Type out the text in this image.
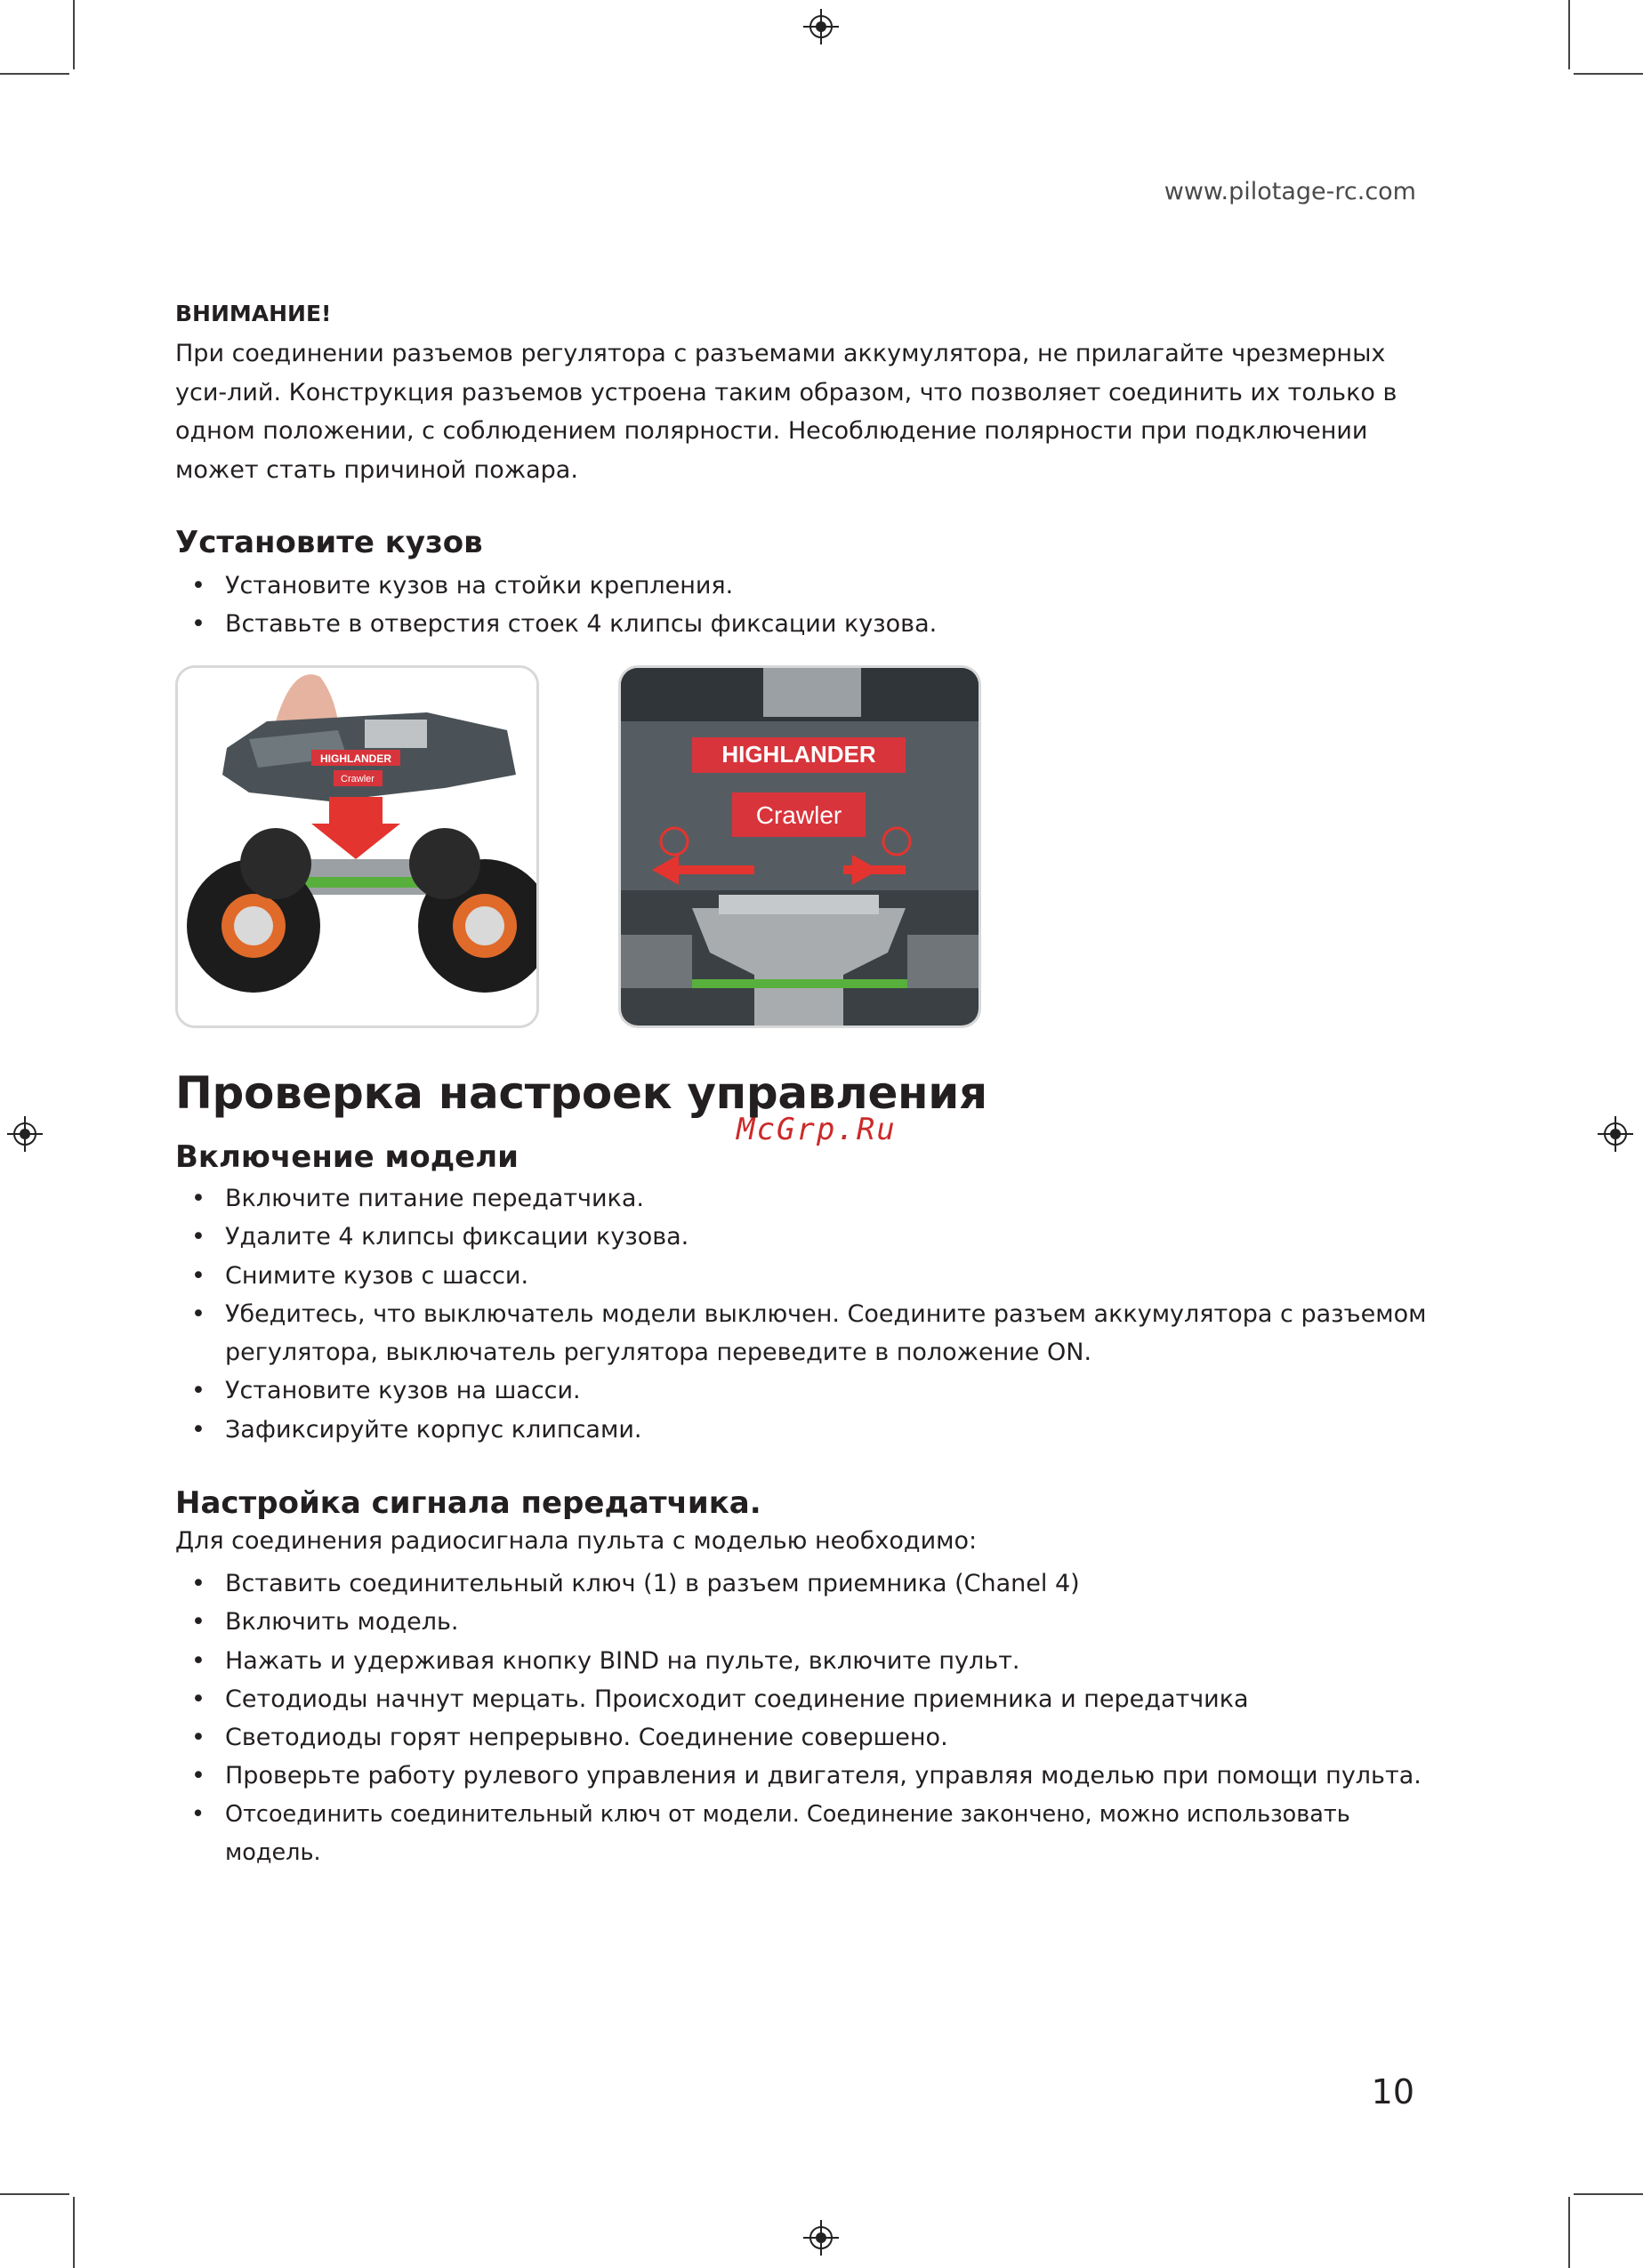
www.pilotage-rc.com
ВНИМАНИЕ!

При соединении разъемов регулятора с разъемами аккумулятора, не прилагайте чрезмерных уси-лий. Конструкция разъемов устроена таким образом, что позволяет соединить их только в одном положении, с соблюдением полярности. Несоблюдение полярности при подключении может стать причиной пожара.

Установите кузов
• Установите кузов на стойки крепления.
• Вставьте в отверстия стоек 4 клипсы фиксации кузова.
HIGHLANDER
Crawler
HIGHLANDER
Crawler
McGrp.Ru
Проверка настроек управления
Включение модели
• Включите питание передатчика.
• Удалите 4 клипсы фиксации кузова.
• Снимите кузов с шасси.
• Убедитесь, что выключатель модели выключен. Соедините разъем аккумулятора с разъемом регулятора, выключатель регулятора переведите в положение ON.
• Установите кузов на шасси.
• Зафиксируйте корпус клипсами.
Настройка сигнала передатчика.
Для соединения радиосигнала пульта с моделью необходимо:
• Вставить соединительный ключ (1) в разъем приемника (Chanel 4)
• Включить модель.
• Нажать и удерживая кнопку BIND на пульте, включите пульт.
• Сетодиоды начнут мерцать. Происходит соединение приемника и передатчика
• Светодиоды горят непрерывно. Соединение совершено.
• Проверьте работу рулевого управления и двигателя, управляя моделью при помощи пульта.
• Отсоединить соединительный ключ от модели. Соединение закончено, можно использовать модель.
10
